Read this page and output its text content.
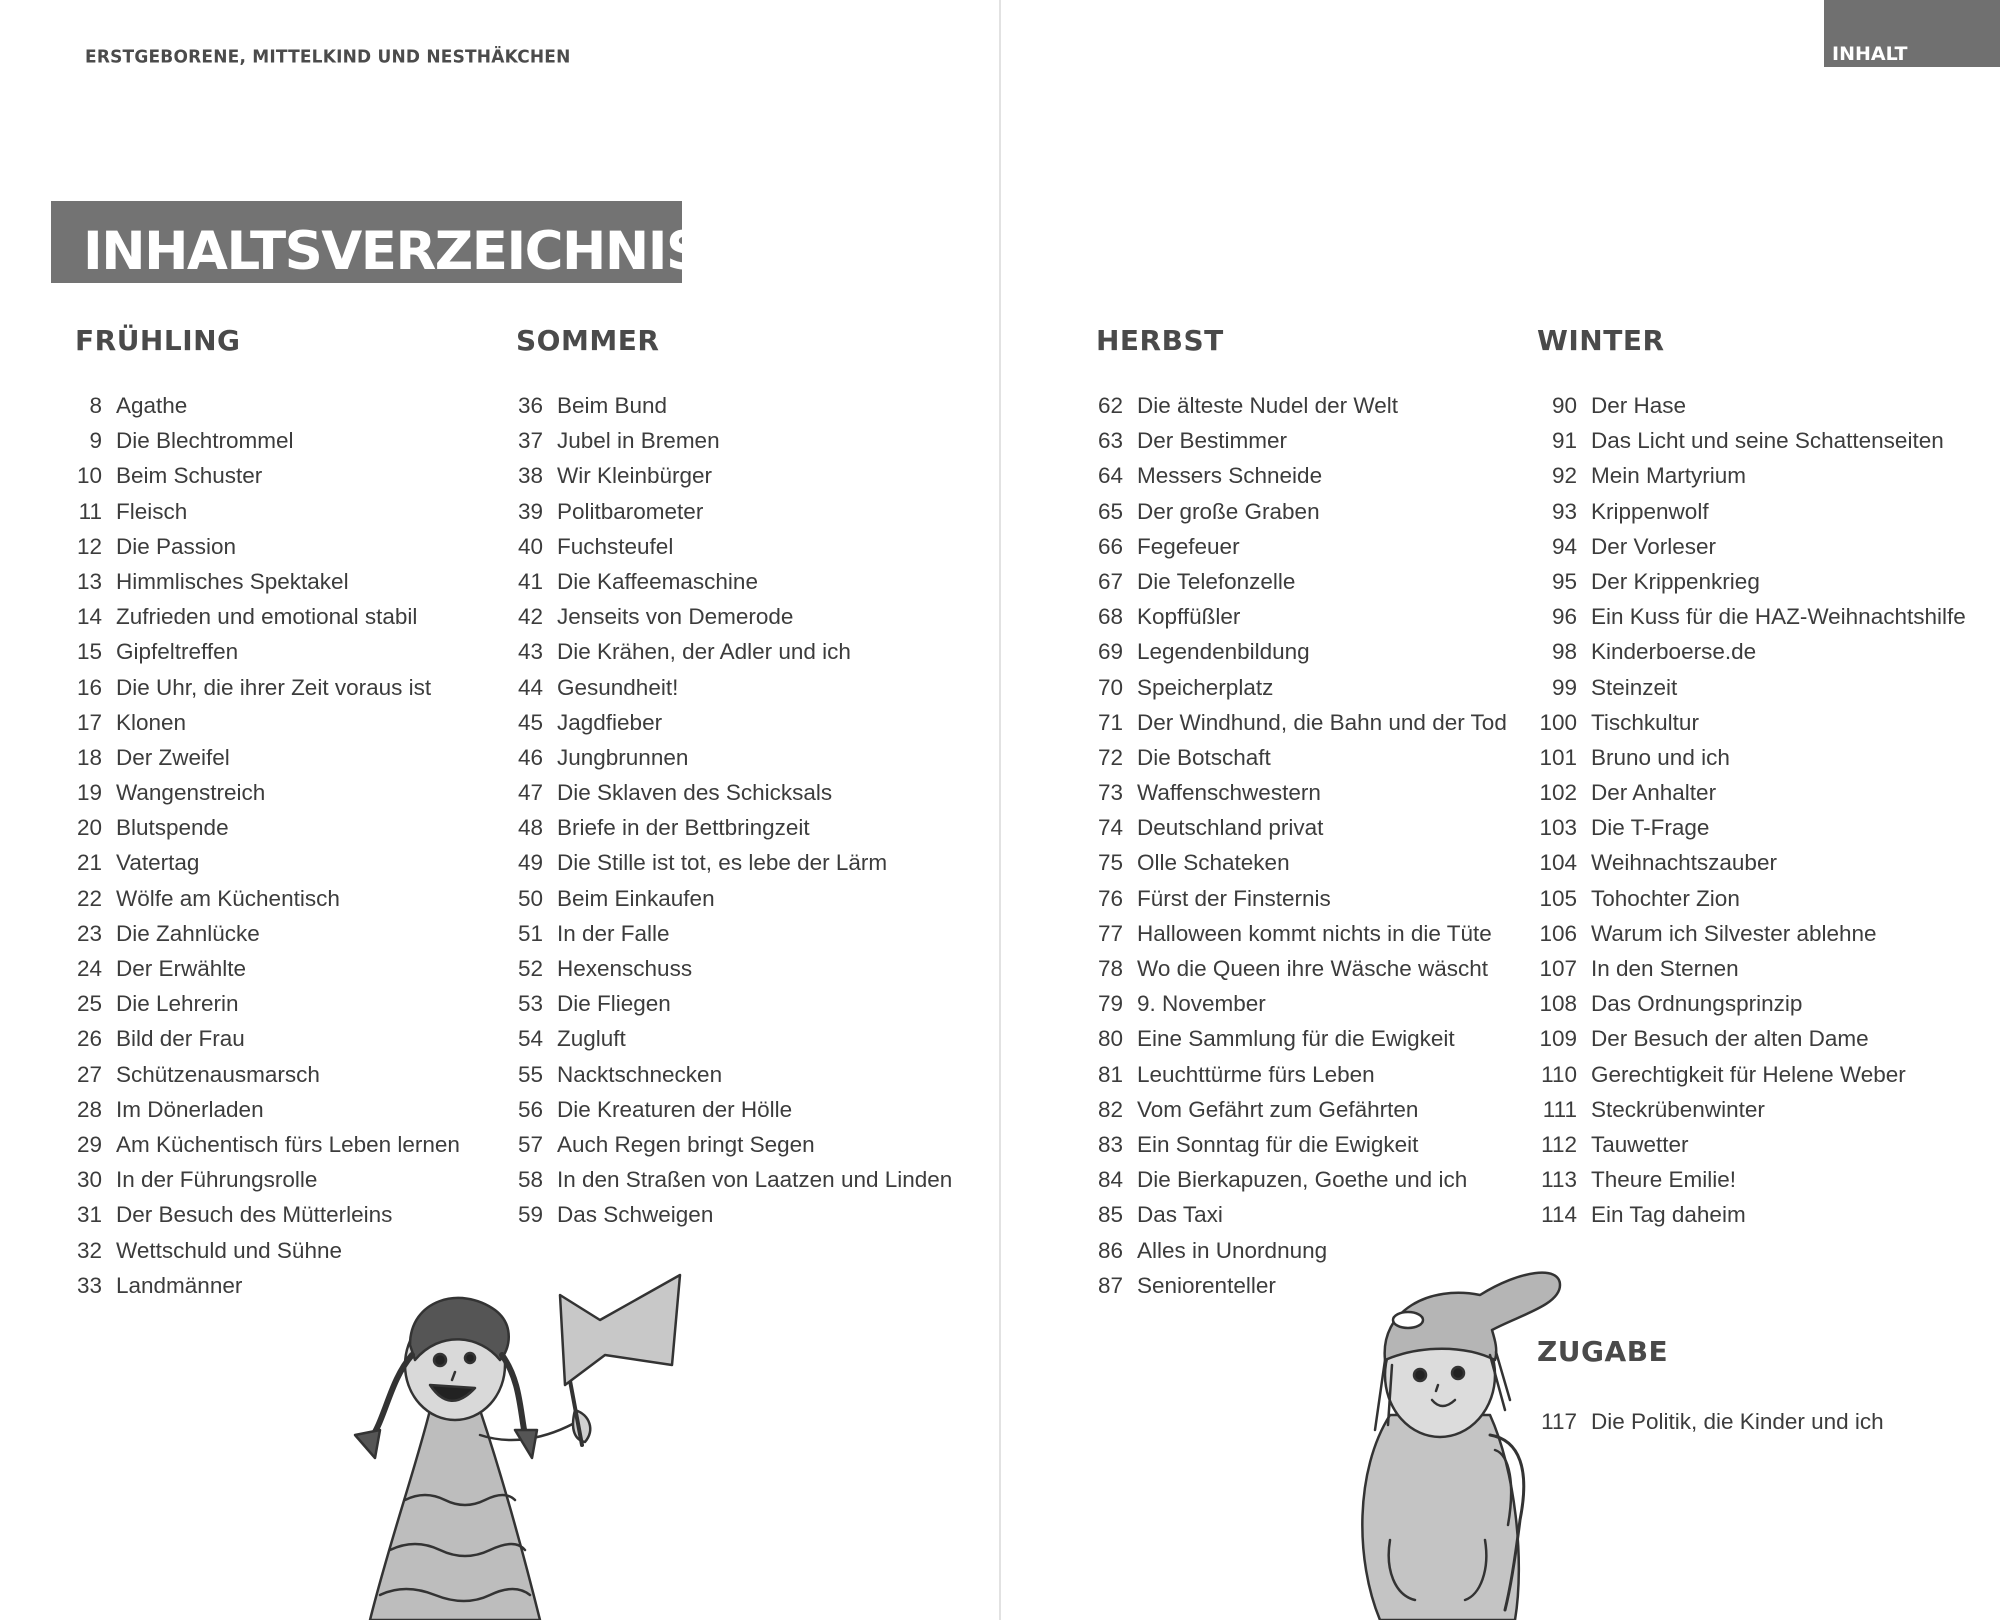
ERSTGEBORENE, MITTELKIND UND NESTHÄKCHEN	INHALT
INHALTSVERZEICHNIS
FRÜHLING
8 Agathe
9 Die Blechtrommel
10 Beim Schuster
11 Fleisch
12 Die Passion
13 Himmlisches Spektakel
14 Zufrieden und emotional stabil
15 Gipfeltreffen
16 Die Uhr, die ihrer Zeit voraus ist
17 Klonen
18 Der Zweifel
19 Wangenstreich
20 Blutspende
21 Vatertag
22 Wölfe am Küchentisch
23 Die Zahnlücke
24 Der Erwählte
25 Die Lehrerin
26 Bild der Frau
27 Schützenausmarsch
28 Im Dönerladen
29 Am Küchentisch fürs Leben lernen
30 In der Führungsrolle
31 Der Besuch des Mütterleins
32 Wettschuld und Sühne
33 Landmänner
SOMMER
36 Beim Bund
37 Jubel in Bremen
38 Wir Kleinbürger
39 Politbarometer
40 Fuchsteufel
41 Die Kaffeemaschine
42 Jenseits von Demerode
43 Die Krähen, der Adler und ich
44 Gesundheit!
45 Jagdfieber
46 Jungbrunnen
47 Die Sklaven des Schicksals
48 Briefe in der Bettbringzeit
49 Die Stille ist tot, es lebe der Lärm
50 Beim Einkaufen
51 In der Falle
52 Hexenschuss
53 Die Fliegen
54 Zugluft
55 Nacktschnecken
56 Die Kreaturen der Hölle
57 Auch Regen bringt Segen
58 In den Straßen von Laatzen und Linden
59 Das Schweigen
HERBST
62 Die älteste Nudel der Welt
63 Der Bestimmer
64 Messers Schneide
65 Der große Graben
66 Fegefeuer
67 Die Telefonzelle
68 Kopffüßler
69 Legendenbildung
70 Speicherplatz
71 Der Windhund, die Bahn und der Tod
72 Die Botschaft
73 Waffenschwestern
74 Deutschland privat
75 Olle Schateken
76 Fürst der Finsternis
77 Halloween kommt nichts in die Tüte
78 Wo die Queen ihre Wäsche wäscht
79 9. November
80 Eine Sammlung für die Ewigkeit
81 Leuchttürme fürs Leben
82 Vom Gefährt zum Gefährten
83 Ein Sonntag für die Ewigkeit
84 Die Bierkapuzen, Goethe und ich
85 Das Taxi
86 Alles in Unordnung
87 Seniorenteller
WINTER
90 Der Hase
91 Das Licht und seine Schattenseiten
92 Mein Martyrium
93 Krippenwolf
94 Der Vorleser
95 Der Krippenkrieg
96 Ein Kuss für die HAZ-Weihnachtshilfe
98 Kinderboerse.de
99 Steinzeit
100 Tischkultur
101 Bruno und ich
102 Der Anhalter
103 Die T-Frage
104 Weihnachtszauber
105 Tohochter Zion
106 Warum ich Silvester ablehne
107 In den Sternen
108 Das Ordnungsprinzip
109 Der Besuch der alten Dame
110 Gerechtigkeit für Helene Weber
111 Steckrübenwinter
112 Tauwetter
113 Theure Emilie!
114 Ein Tag daheim
ZUGABE
117 Die Politik, die Kinder und ich
